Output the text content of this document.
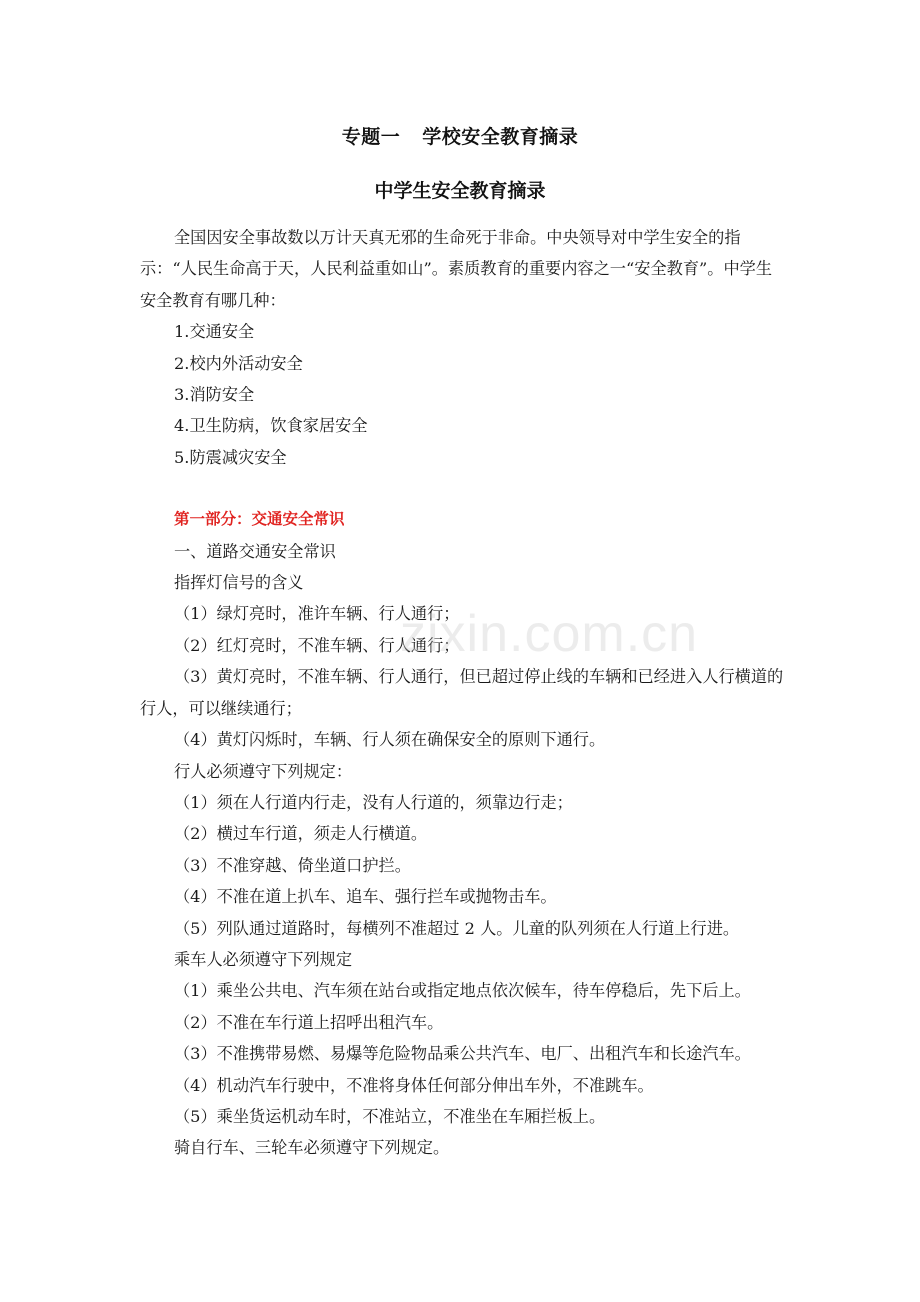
专题一 学校安全教育摘录
中学生安全教育摘录

全国因安全事故数以万计天真无邪的生命死于非命。中央领导对中学生安全的指示：“人民生命高于天，人民利益重如山”。素质教育的重要内容之一“安全教育”。中学生安全教育有哪几种：

1.交通安全

2.校内外活动安全

3.消防安全

4.卫生防病，饮食家居安全

5.防震减灾安全

第一部分：交通安全常识

一、道路交通安全常识

指挥灯信号的含义

（1）绿灯亮时，准许车辆、行人通行；

（2）红灯亮时，不准车辆、行人通行；

（3）黄灯亮时，不准车辆、行人通行，但已超过停止线的车辆和已经进入人行横道的行人，可以继续通行；

（4）黄灯闪烁时，车辆、行人须在确保安全的原则下通行。

行人必须遵守下列规定：

（1）须在人行道内行走，没有人行道的，须靠边行走；

（2）横过车行道，须走人行横道。

（3）不准穿越、倚坐道口护拦。

（4）不准在道上扒车、追车、强行拦车或抛物击车。

（5）列队通过道路时，每横列不准超过 2 人。儿童的队列须在人行道上行进。

乘车人必须遵守下列规定

（1）乘坐公共电、汽车须在站台或指定地点依次候车，待车停稳后，先下后上。

（2）不准在车行道上招呼出租汽车。

（3）不准携带易燃、易爆等危险物品乘公共汽车、电厂、出租汽车和长途汽车。

（4）机动汽车行驶中，不准将身体任何部分伸出车外，不准跳车。

（5）乘坐货运机动车时，不准站立，不准坐在车厢拦板上。

骑自行车、三轮车必须遵守下列规定。

zixin.com.cn
